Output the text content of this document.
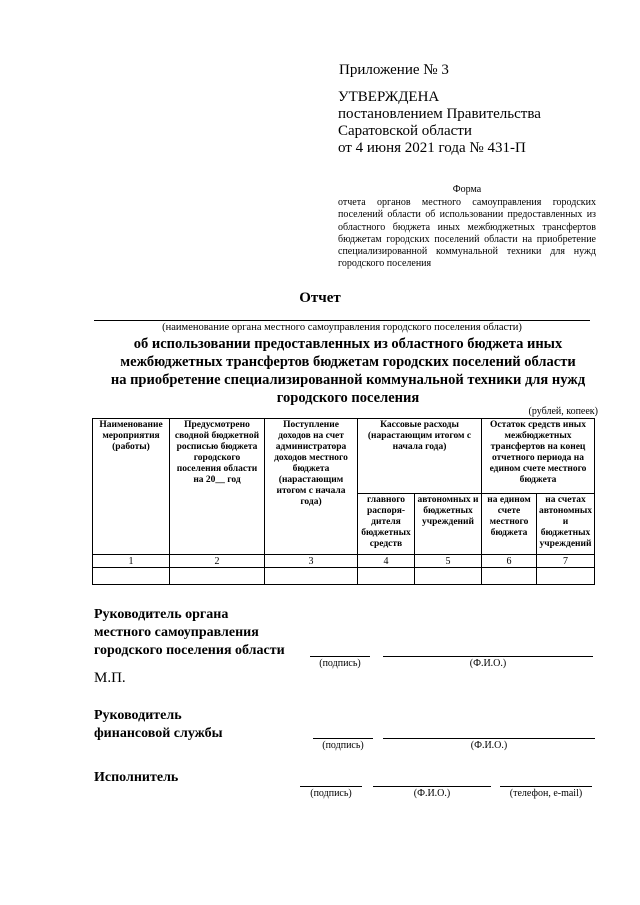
Приложение № 3
УТВЕРЖДЕНА
постановлением Правительства
Саратовской области
от 4 июня 2021 года № 431-П
Форма
отчета органов местного самоуправления городских поселений области об использовании предоставленных из областного бюджета иных межбюджетных трансфертов бюджетам городских поселений области на приобретение специализированной коммунальной техники для нужд городского поселения
Отчет
(наименование органа местного самоуправления городского поселения области)
об использовании предоставленных из областного бюджета иных
межбюджетных трансфертов бюджетам городских поселений области
на приобретение специализированной коммунальной техники для нужд
городского поселения
(рублей, копеек)
Наименование мероприятия (работы)	Предусмотрено сводной бюджетной росписью бюджета городского поселения области на 20__ год	Поступление доходов на счет администратора доходов местного бюджета (нарастающим итогом с начала года)	Кассовые расходы (нарастающим итогом с начала года)		Остаток средств иных межбюджетных трансфертов на конец отчетного периода на едином счете местного бюджета	
			главного распоря-дителя бюджетных средств	автономных и бюджетных учреждений	на едином счете местного бюджета	на счетах автономных и бюджетных учреждений
1	2	3	4	5	6	7

Руководитель органа
местного самоуправления
городского поселения области
(подпись)	(Ф.И.О.)
М.П.
Руководитель
финансовой службы
(подпись)	(Ф.И.О.)
Исполнитель
(подпись)	(Ф.И.О.)	(телефон, e-mail)
